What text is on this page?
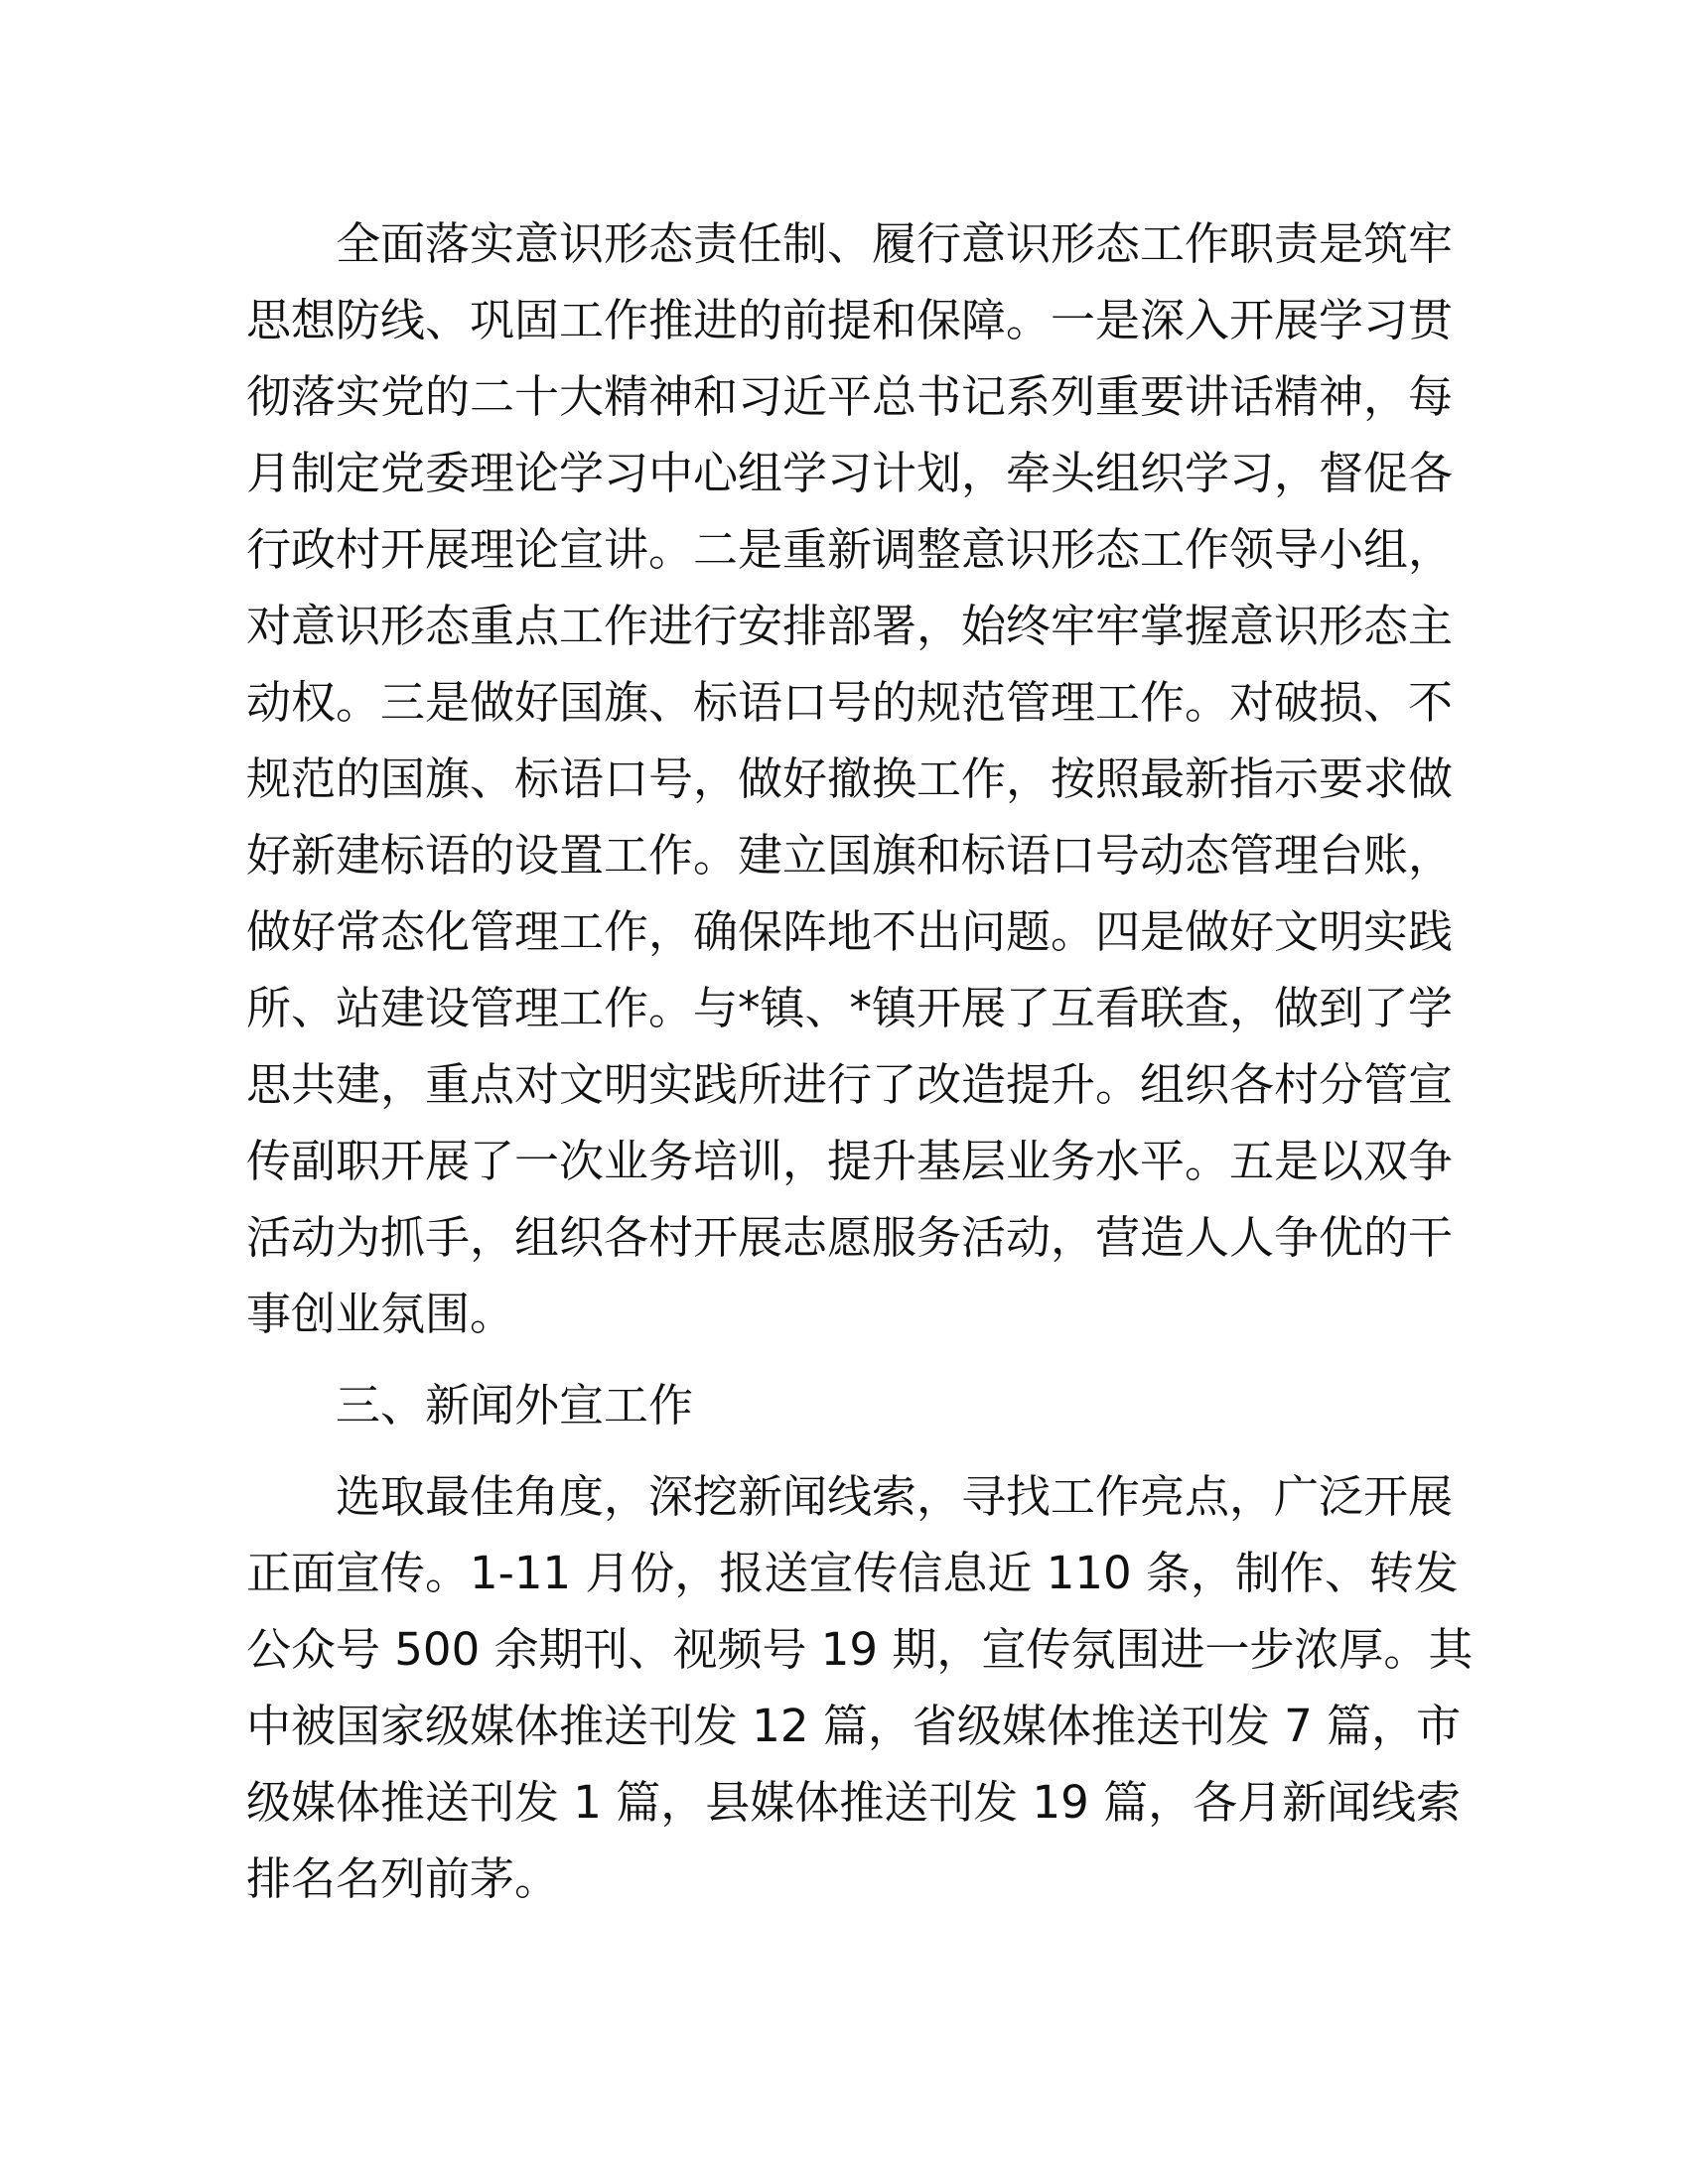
全面落实意识形态责任制、履行意识形态工作职责是筑牢
思想防线、巩固工作推进的前提和保障。一是深入开展学习贯
彻落实党的二十大精神和习近平总书记系列重要讲话精神，每
月制定党委理论学习中心组学习计划，牵头组织学习，督促各
行政村开展理论宣讲。二是重新调整意识形态工作领导小组，
对意识形态重点工作进行安排部署，始终牢牢掌握意识形态主
动权。三是做好国旗、标语口号的规范管理工作。对破损、不
规范的国旗、标语口号，做好撤换工作，按照最新指示要求做
好新建标语的设置工作。建立国旗和标语口号动态管理台账，
做好常态化管理工作，确保阵地不出问题。四是做好文明实践
所、站建设管理工作。与*镇、*镇开展了互看联查，做到了学
思共建，重点对文明实践所进行了改造提升。组织各村分管宣
传副职开展了一次业务培训，提升基层业务水平。五是以双争
活动为抓手，组织各村开展志愿服务活动，营造人人争优的干
事创业氛围。
三、新闻外宣工作
选取最佳角度，深挖新闻线索，寻找工作亮点，广泛开展
正面宣传。1-11 月份，报送宣传信息近 110 条，制作、转发
公众号 500 余期刊、视频号 19 期，宣传氛围进一步浓厚。其
中被国家级媒体推送刊发 12 篇，省级媒体推送刊发 7 篇，市
级媒体推送刊发 1 篇，县媒体推送刊发 19 篇，各月新闻线索
排名名列前茅。
